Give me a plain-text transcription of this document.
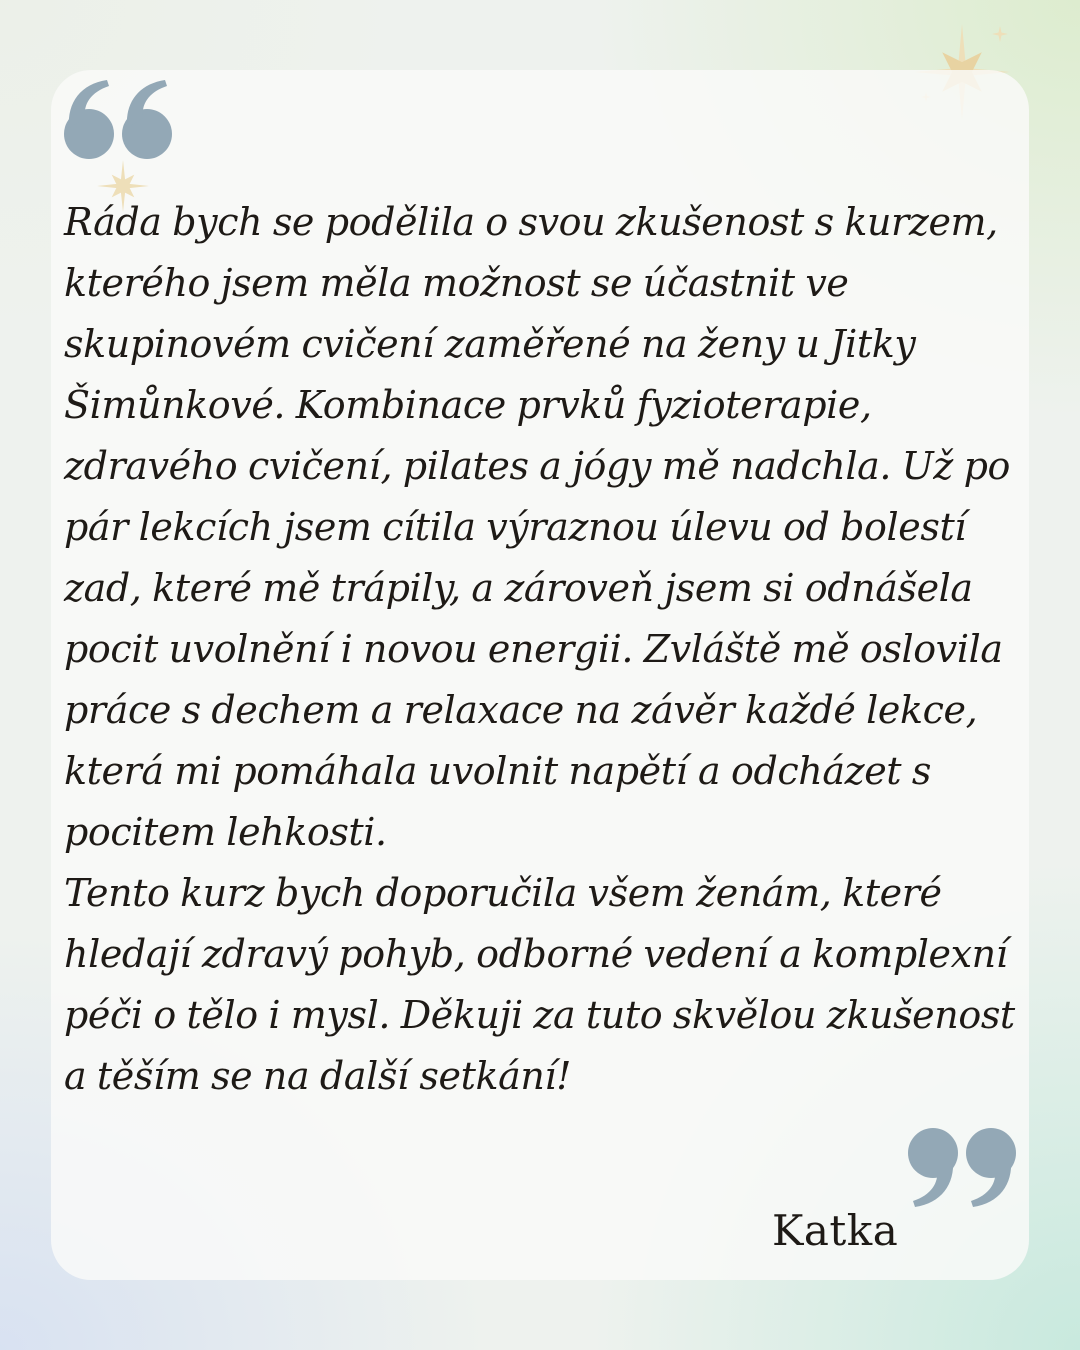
Ráda bych se podělila o svou zkušenost s kurzem, kterého jsem měla možnost se účastnit ve skupinovém cvičení zaměřené na ženy u Jitky Šimůnkové. Kombinace prvků fyzioterapie, zdravého cvičení, pilates a jógy mě nadchla. Už po pár lekcích jsem cítila výraznou úlevu od bolestí zad, které mě trápily, a zároveň jsem si odnášela pocit uvolnění i novou energii. Zvláště mě oslovila práce s dechem a relaxace na závěr každé lekce, která mi pomáhala uvolnit napětí a odcházet s pocitem lehkosti.

Tento kurz bych doporučila všem ženám, které hledají zdravý pohyb, odborné vedení a komplexní péči o tělo i mysl. Děkuji za tuto skvělou zkušenost a těším se na další setkání!

Katka
